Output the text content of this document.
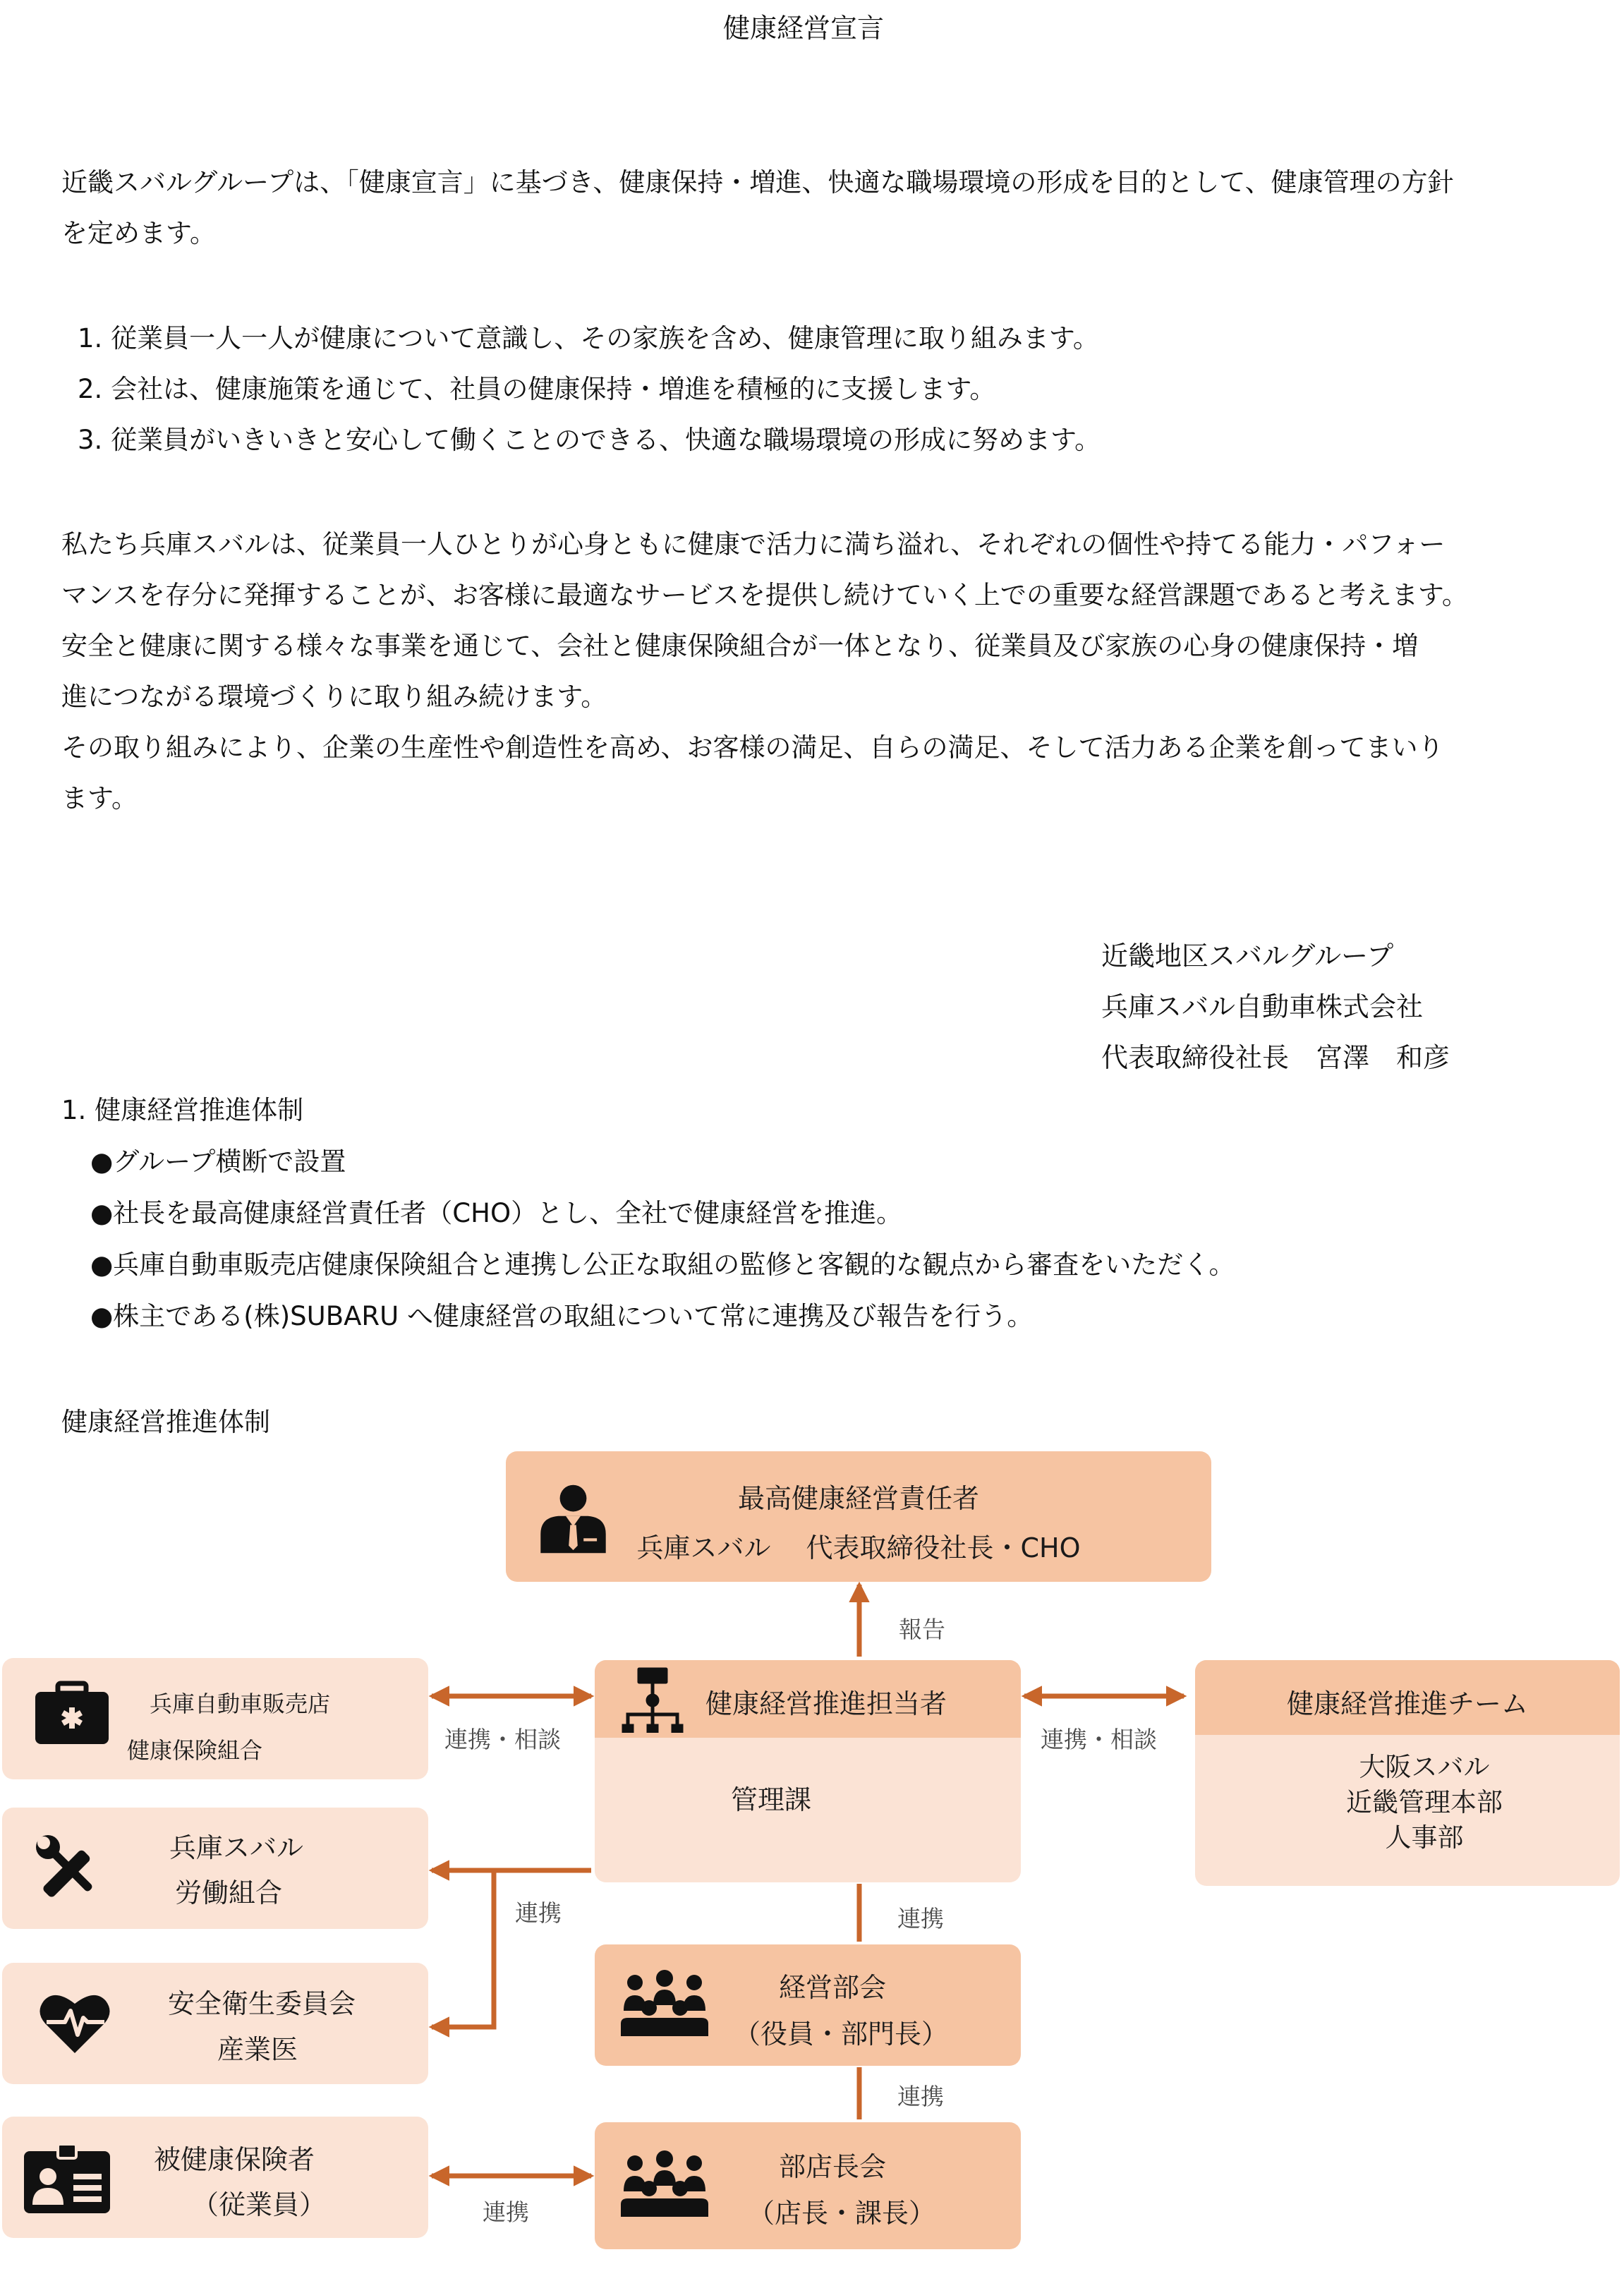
健康経営宣言
近畿スバルグループは、「健康宣言」に基づき、健康保持・増進、快適な職場環境の形成を目的として、健康管理の方針
を定めます。
1. 従業員一人一人が健康について意識し、その家族を含め、健康管理に取り組みます。
2. 会社は、健康施策を通じて、社員の健康保持・増進を積極的に支援します。
3. 従業員がいきいきと安心して働くことのできる、快適な職場環境の形成に努めます。
私たち兵庫スバルは、従業員一人ひとりが心身ともに健康で活力に満ち溢れ、それぞれの個性や持てる能力・パフォー
マンスを存分に発揮することが、お客様に最適なサービスを提供し続けていく上での重要な経営課題であると考えます。
安全と健康に関する様々な事業を通じて、会社と健康保険組合が一体となり、従業員及び家族の心身の健康保持・増
進につながる環境づくりに取り組み続けます。
その取り組みにより、企業の生産性や創造性を高め、お客様の満足、自らの満足、そして活力ある企業を創ってまいり
ます。
近畿地区スバルグループ
兵庫スバル自動車株式会社
代表取締役社長　宮澤　和彦
1. 健康経営推進体制
●グループ横断で設置
●社長を最高健康経営責任者（CHO）とし、全社で健康経営を推進。
●兵庫自動車販売店健康保険組合と連携し公正な取組の監修と客観的な観点から審査をいただく。
●株主である(株)SUBARU へ健康経営の取組について常に連携及び報告を行う。
健康経営推進体制
最高健康経営責任者
兵庫スバル　 代表取締役社長・CHO
健康経営推進担当者
管理課
健康経営推進チーム
大阪スバル
近畿管理本部
人事部
兵庫自動車販売店
健康保険組合
兵庫スバル
労働組合
安全衛生委員会
産業医
被健康保険者
（従業員）
経営部会
（役員・部門長）
部店長会
（店長・課長）
報告
連携・相談	連携・相談
連携	連携
連携
連携
